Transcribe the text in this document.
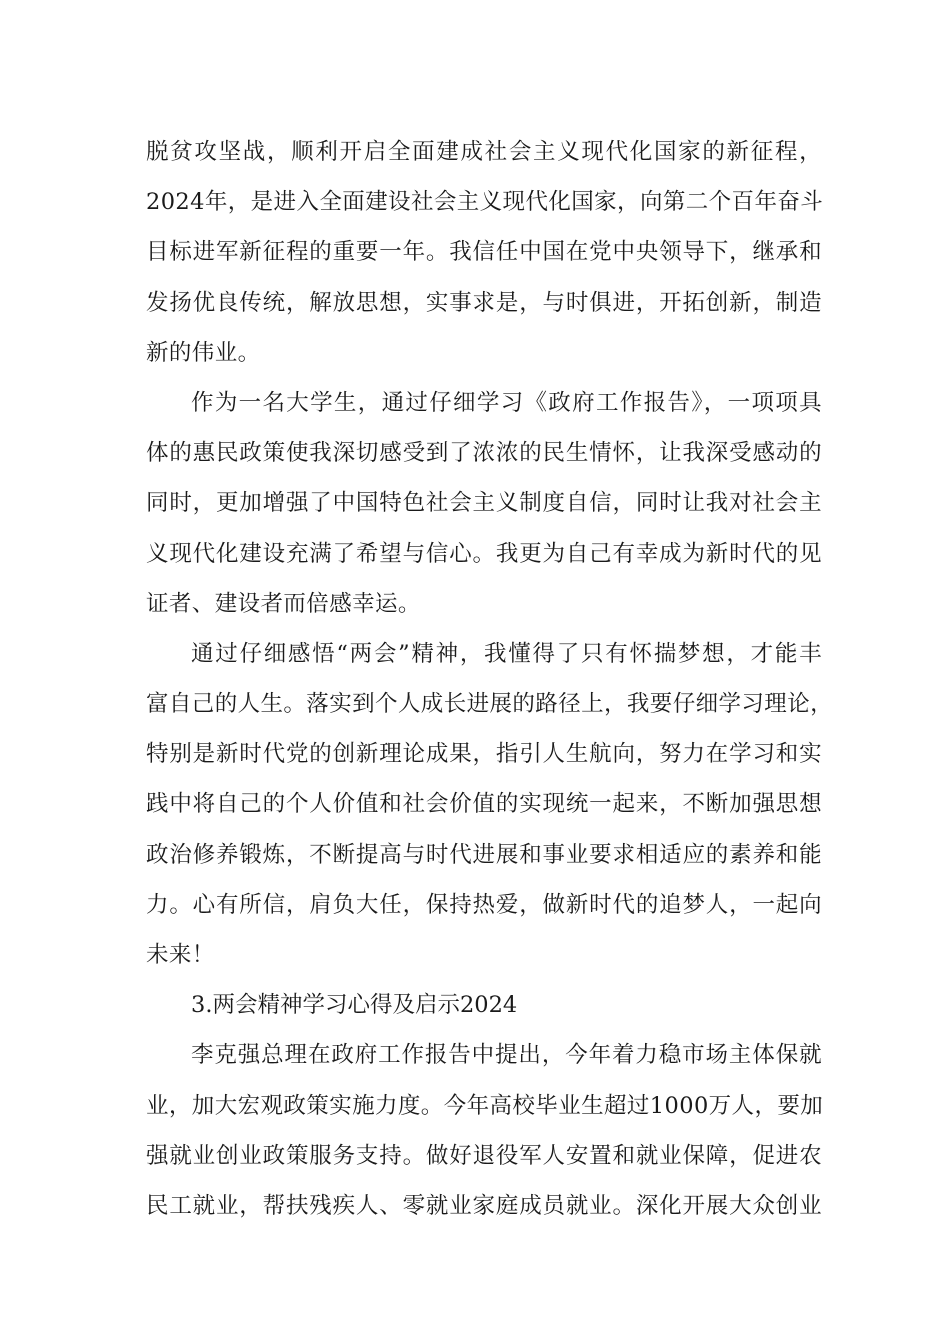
脱贫攻坚战，顺利开启全面建成社会主义现代化国家的新征程，
2024年，是进入全面建设社会主义现代化国家，向第二个百年奋斗
目标进军新征程的重要一年。我信任中国在党中央领导下，继承和
发扬优良传统，解放思想，实事求是，与时俱进，开拓创新，制造
新的伟业。
作为一名大学生，通过仔细学习《政府工作报告》，一项项具
体的惠民政策使我深切感受到了浓浓的民生情怀，让我深受感动的
同时，更加增强了中国特色社会主义制度自信，同时让我对社会主
义现代化建设充满了希望与信心。我更为自己有幸成为新时代的见
证者、建设者而倍感幸运。
通过仔细感悟“两会”精神，我懂得了只有怀揣梦想，才能丰
富自己的人生。落实到个人成长进展的路径上，我要仔细学习理论，
特别是新时代党的创新理论成果，指引人生航向，努力在学习和实
践中将自己的个人价值和社会价值的实现统一起来，不断加强思想
政治修养锻炼，不断提高与时代进展和事业要求相适应的素养和能
力。心有所信，肩负大任，保持热爱，做新时代的追梦人，一起向
未来！
3.两会精神学习心得及启示2024
李克强总理在政府工作报告中提出，今年着力稳市场主体保就
业，加大宏观政策实施力度。今年高校毕业生超过1000万人，要加
强就业创业政策服务支持。做好退役军人安置和就业保障，促进农
民工就业，帮扶残疾人、零就业家庭成员就业。深化开展大众创业
